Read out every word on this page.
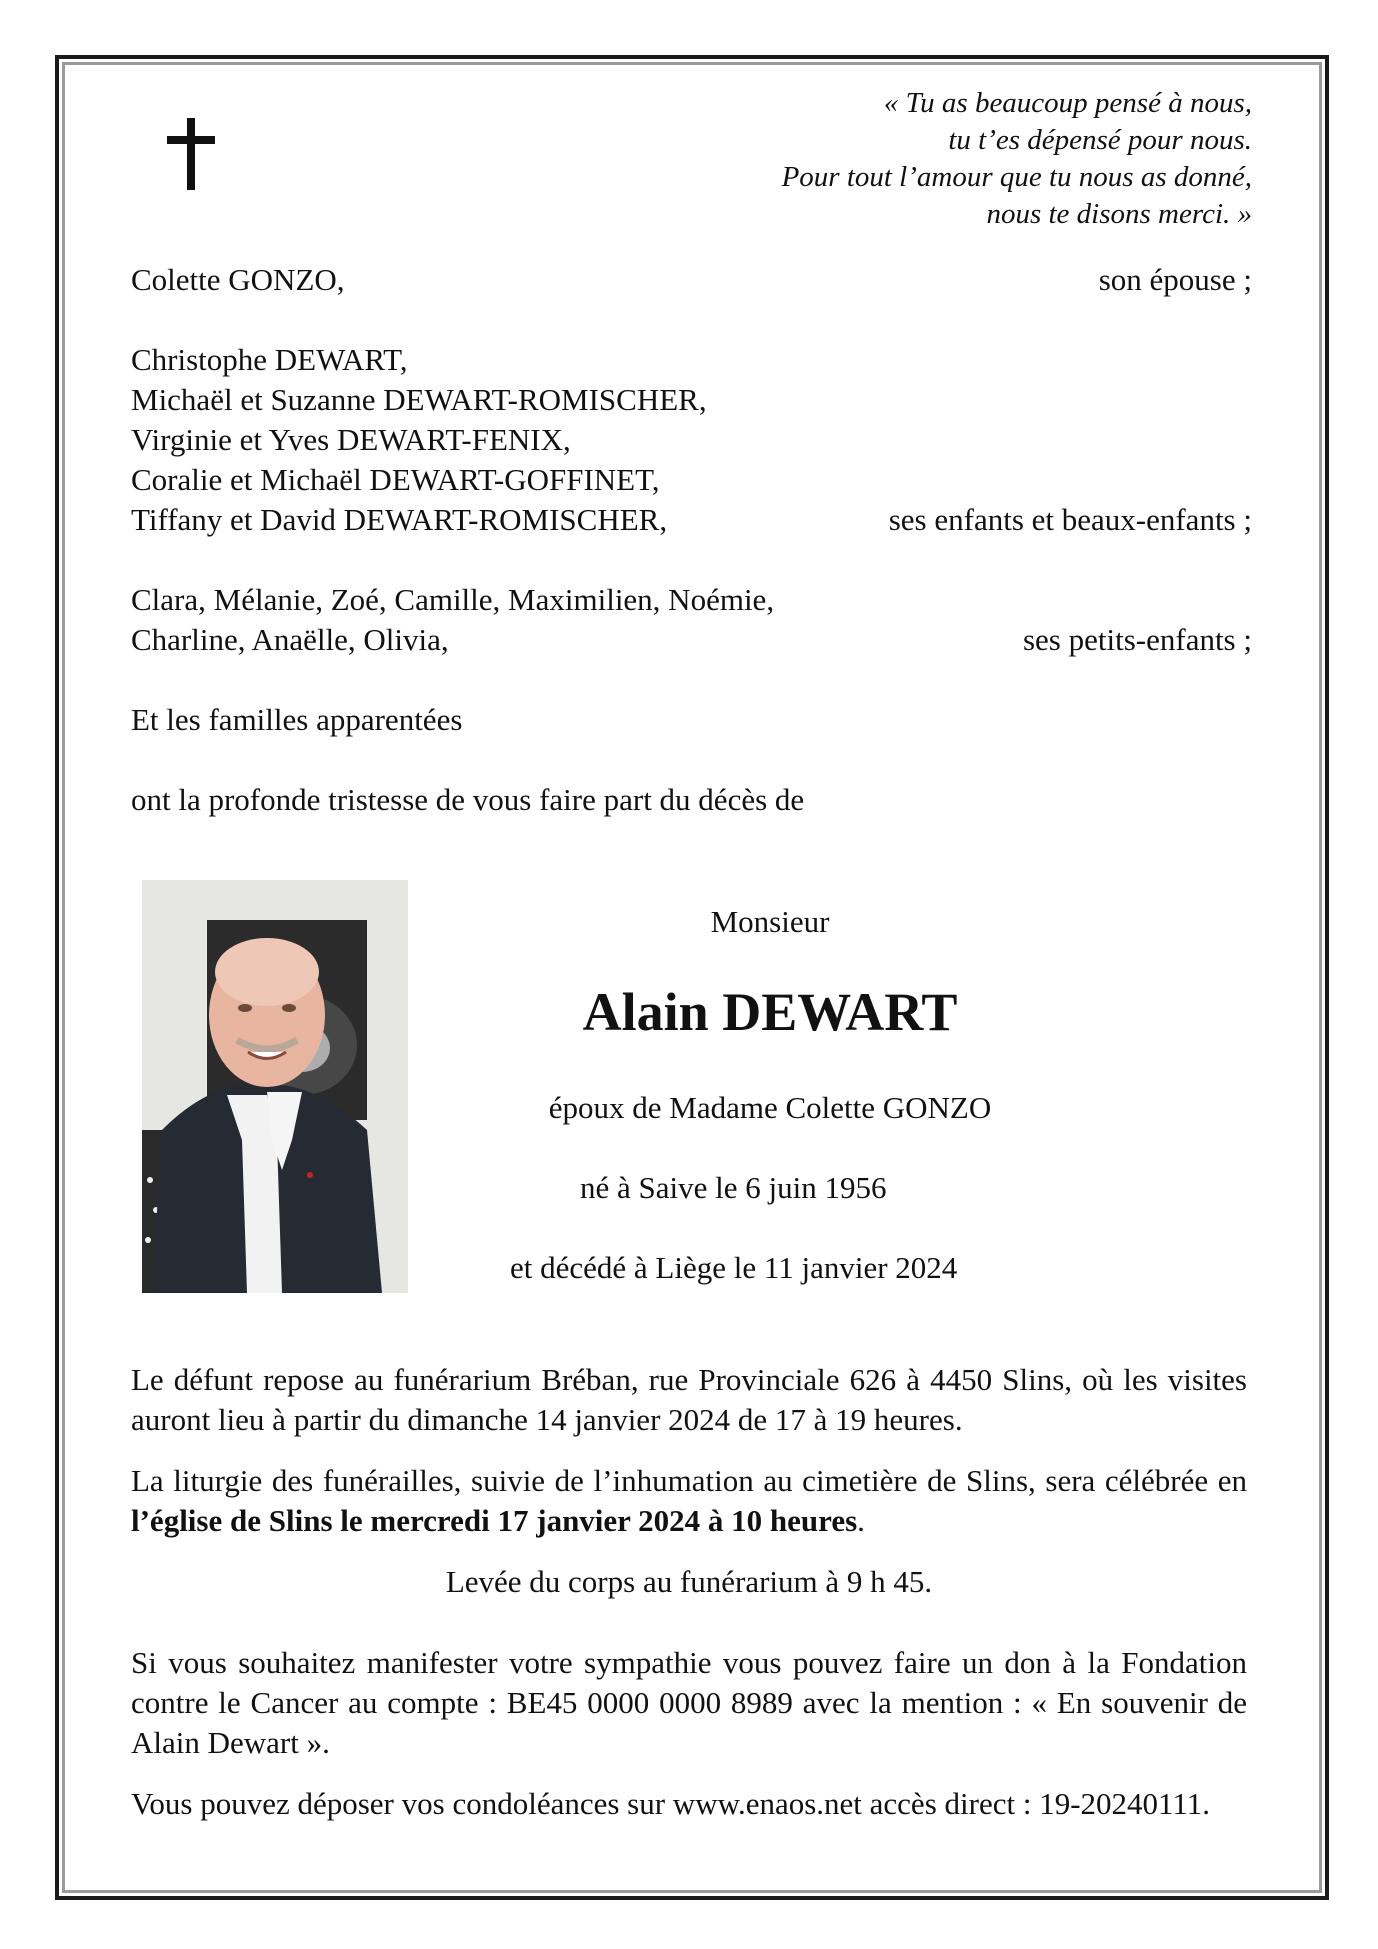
« Tu as beaucoup pensé à nous,
tu t’es dépensé pour nous.
Pour tout l’amour que tu nous as donné,
nous te disons merci. »
Colette GONZO,	son épouse ;
Christophe DEWART,
Michaël et Suzanne DEWART-ROMISCHER,
Virginie et Yves DEWART-FENIX,
Coralie et Michaël DEWART-GOFFINET,
Tiffany et David DEWART-ROMISCHER,	ses enfants et beaux-enfants ;
Clara, Mélanie, Zoé, Camille, Maximilien, Noémie,
Charline, Anaëlle, Olivia,	ses petits-enfants ;
Et les familles apparentées
ont la profonde tristesse de vous faire part du décès de
Monsieur
Alain DEWART
époux de Madame Colette GONZO
né à Saive le 6 juin 1956
et décédé à Liège le 11 janvier 2024
Le défunt repose au funérarium Bréban, rue Provinciale 626 à 4450 Slins, où les visites auront lieu à partir du dimanche 14 janvier 2024 de 17 à 19 heures.
La liturgie des funérailles, suivie de l’inhumation au cimetière de Slins, sera célébrée en l’église de Slins le mercredi 17 janvier 2024 à 10 heures.
Levée du corps au funérarium à 9 h 45.
Si vous souhaitez manifester votre sympathie vous pouvez faire un don à la Fondation contre le Cancer au compte : BE45 0000 0000 8989 avec la mention : « En souvenir de Alain Dewart ».
Vous pouvez déposer vos condoléances sur www.enaos.net accès direct : 19-20240111.
